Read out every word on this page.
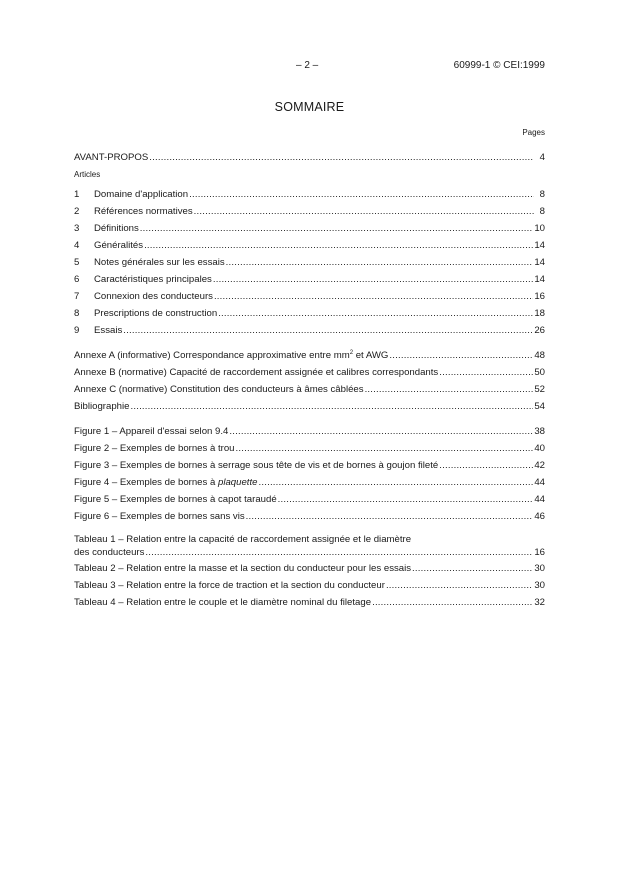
– 2 –	60999-1 © CEI:1999
SOMMAIRE
Pages
AVANT-PROPOS .....	4
Articles
1	Domaine d'application .....	8
2	Références normatives .....	8
3	Définitions .....	10
4	Généralités .....	14
5	Notes générales sur les essais .....	14
6	Caractéristiques principales .....	14
7	Connexion des conducteurs .....	16
8	Prescriptions de construction .....	18
9	Essais .....	26
Annexe A (informative) Correspondance approximative entre $mm^2$ et AWG .....	48
Annexe B (normative) Capacité de raccordement assignée et calibres correspondants .....	50
Annexe C (normative) Constitution des conducteurs à âmes câblées .....	52
Bibliographie .....	54
Figure 1 – Appareil d'essai selon 9.4 .....	38
Figure 2 – Exemples de bornes à trou .....	40
Figure 3 – Exemples de bornes à serrage sous tête de vis et de bornes à goujon fileté .....	42
Figure 4 – Exemples de bornes à plaquette .....	44
Figure 5 – Exemples de bornes à capot taraudé .....	44
Figure 6 – Exemples de bornes sans vis .....	46
Tableau 1 – Relation entre la capacité de raccordement assignée et le diamètre
des conducteurs .....	16
Tableau 2 – Relation entre la masse et la section du conducteur pour les essais .....	30
Tableau 3 – Relation entre la force de traction et la section du conducteur .....	30
Tableau 4 – Relation entre le couple et le diamètre nominal du filetage .....	32
